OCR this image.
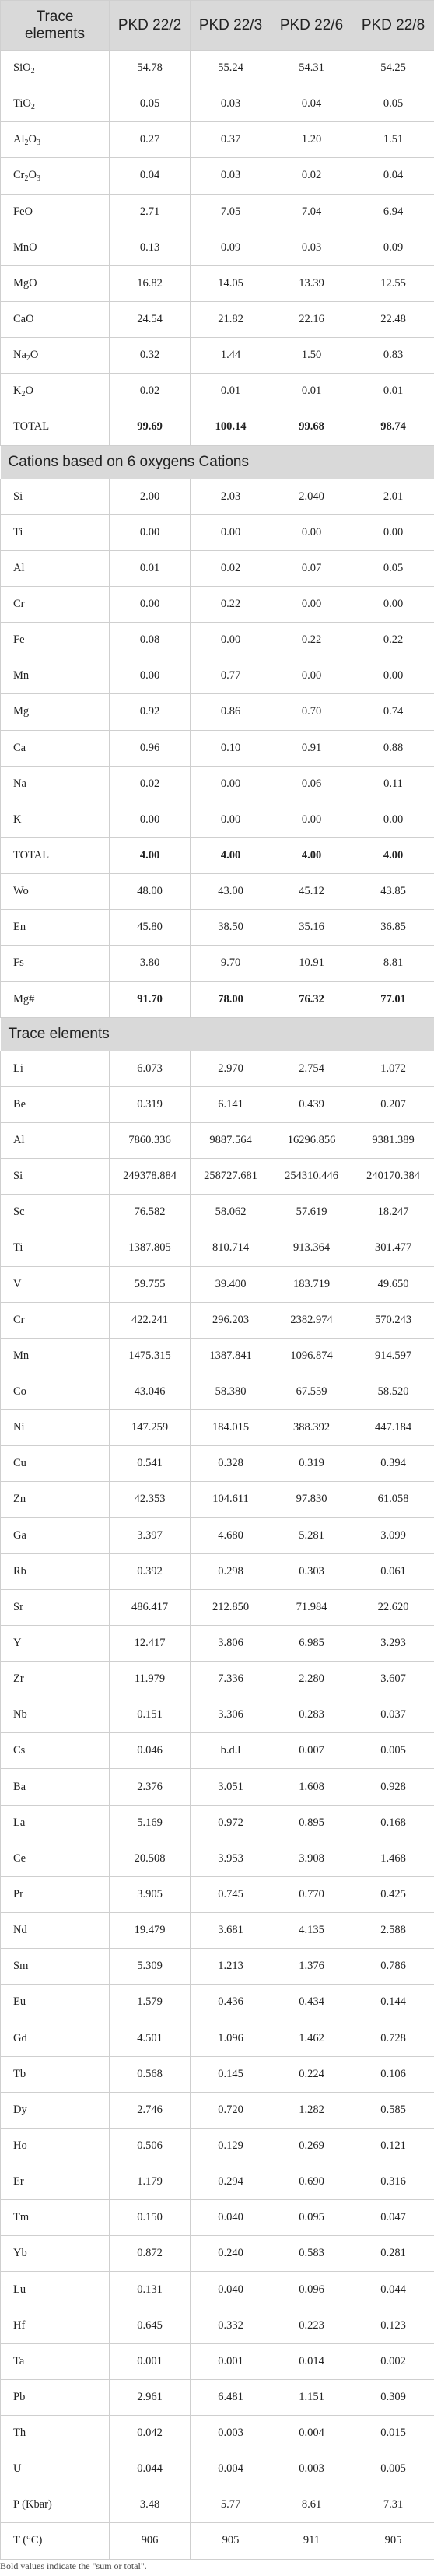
Trace elements	PKD 22/2	PKD 22/3	PKD 22/6	PKD 22/8
SiO$_2$	54.78	55.24	54.31	54.25
TiO$_2$	0.05	0.03	0.04	0.05
$Al_2O_3$	0.27	0.37	1.20	1.51
$Cr_2O_3$	0.04	0.03	0.02	0.04
FeO	2.71	7.05	7.04	6.94
MnO	0.13	0.09	0.03	0.09
MgO	16.82	14.05	13.39	12.55
CaO	24.54	21.82	22.16	22.48
$Na_2O$	0.32	1.44	1.50	0.83
$K_2O$	0.02	0.01	0.01	0.01
TOTAL	99.69	100.14	99.68	98.74
Cations based on 6 oxygens Cations				
Si	2.00	2.03	2.040	2.01
Ti	0.00	0.00	0.00	0.00
Al	0.01	0.02	0.07	0.05
Cr	0.00	0.22	0.00	0.00
Fe	0.08	0.00	0.22	0.22
Mn	0.00	0.77	0.00	0.00
Mg	0.92	0.86	0.70	0.74
Ca	0.96	0.10	0.91	0.88
Na	0.02	0.00	0.06	0.11
K	0.00	0.00	0.00	0.00
TOTAL	4.00	4.00	4.00	4.00
Wo	48.00	43.00	45.12	43.85
En	45.80	38.50	35.16	36.85
Fs	3.80	9.70	10.91	8.81
Mg#	91.70	78.00	76.32	77.01
Trace elements				
Li	6.073	2.970	2.754	1.072
Be	0.319	6.141	0.439	0.207
Al	7860.336	9887.564	16296.856	9381.389
Si	249378.884	258727.681	254310.446	240170.384
Sc	76.582	58.062	57.619	18.247
Ti	1387.805	810.714	913.364	301.477
V	59.755	39.400	183.719	49.650
Cr	422.241	296.203	2382.974	570.243
Mn	1475.315	1387.841	1096.874	914.597
Co	43.046	58.380	67.559	58.520
Ni	147.259	184.015	388.392	447.184
Cu	0.541	0.328	0.319	0.394
Zn	42.353	104.611	97.830	61.058
Ga	3.397	4.680	5.281	3.099
Rb	0.392	0.298	0.303	0.061
Sr	486.417	212.850	71.984	22.620
Y	12.417	3.806	6.985	3.293
Zr	11.979	7.336	2.280	3.607
Nb	0.151	3.306	0.283	0.037
Cs	0.046	b.d.l	0.007	0.005
Ba	2.376	3.051	1.608	0.928
La	5.169	0.972	0.895	0.168
Ce	20.508	3.953	3.908	1.468
Pr	3.905	0.745	0.770	0.425
Nd	19.479	3.681	4.135	2.588
Sm	5.309	1.213	1.376	0.786
Eu	1.579	0.436	0.434	0.144
Gd	4.501	1.096	1.462	0.728
Tb	0.568	0.145	0.224	0.106
Dy	2.746	0.720	1.282	0.585
Ho	0.506	0.129	0.269	0.121
Er	1.179	0.294	0.690	0.316
Tm	0.150	0.040	0.095	0.047
Yb	0.872	0.240	0.583	0.281
Lu	0.131	0.040	0.096	0.044
Hf	0.645	0.332	0.223	0.123
Ta	0.001	0.001	0.014	0.002
Pb	2.961	6.481	1.151	0.309
Th	0.042	0.003	0.004	0.015
U	0.044	0.004	0.003	0.005
P (Kbar)	3.48	5.77	8.61	7.31
T (°C)	906	905	911	905
Bold values indicate the "sum or total".
